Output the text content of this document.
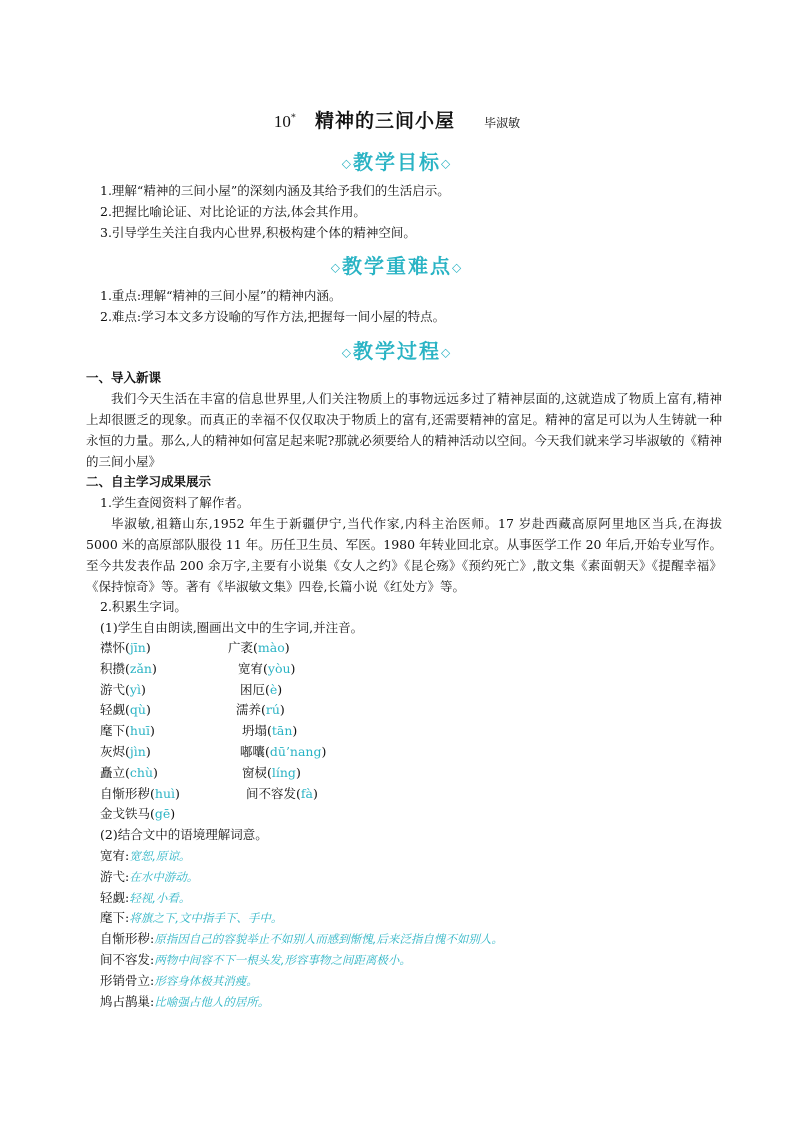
10* 精神的三间小屋 毕淑敏
◇教学目标◇
1.理解“精神的三间小屋”的深刻内涵及其给予我们的生活启示。
2.把握比喻论证、对比论证的方法,体会其作用。
3.引导学生关注自我内心世界,积极构建个体的精神空间。
◇教学重难点◇
1.重点:理解“精神的三间小屋”的精神内涵。
2.难点:学习本文多方设喻的写作方法,把握每一间小屋的特点。
◇教学过程◇
一、导入新课
我们今天生活在丰富的信息世界里,人们关注物质上的事物远远多过了精神层面的,这就造成了物质上富有,精神上却很匮乏的现象。而真正的幸福不仅仅取决于物质上的富有,还需要精神的富足。精神的富足可以为人生铸就一种永恒的力量。那么,人的精神如何富足起来呢?那就必须要给人的精神活动以空间。今天我们就来学习毕淑敏的《精神的三间小屋》
二、自主学习成果展示
1.学生查阅资料了解作者。
毕淑敏,祖籍山东,1952 年生于新疆伊宁,当代作家,内科主治医师。17 岁赴西藏高原阿里地区当兵,在海拔 5000 米的高原部队服役 11 年。历任卫生员、军医。1980 年转业回北京。从事医学工作 20 年后,开始专业写作。至今共发表作品 200 余万字,主要有小说集《女人之约》《昆仑殇》《预约死亡》,散文集《素面朝天》《提醒幸福》《保持惊奇》等。著有《毕淑敏文集》四卷,长篇小说《红处方》等。
2.积累生字词。
(1)学生自由朗读,圈画出文中的生字词,并注音。
襟怀(jīn)
积攒(zǎn)
游弋(yì)
轻觑(qù)
麾下(huī)
灰烬(jìn)
矗立(chù)
自惭形秽(huì)
金戈铁马(gē)
广袤(mào)
宽宥(yòu)
困厄(è)
濡养(rú)
坍塌(tān)
嘟囔(dū’nang)
窗棂(líng)
间不容发(fà)
(2)结合文中的语境理解词意。
宽宥:宽恕,原谅。
游弋:在水中游动。
轻觑:轻视,小看。
麾下:将旗之下,文中指手下、手中。
自惭形秽:原指因自己的容貌举止不如别人而感到惭愧,后来泛指自愧不如别人。
间不容发:两物中间容不下一根头发,形容事物之间距离极小。
形销骨立:形容身体极其消瘦。
鸠占鹊巢:比喻强占他人的居所。
